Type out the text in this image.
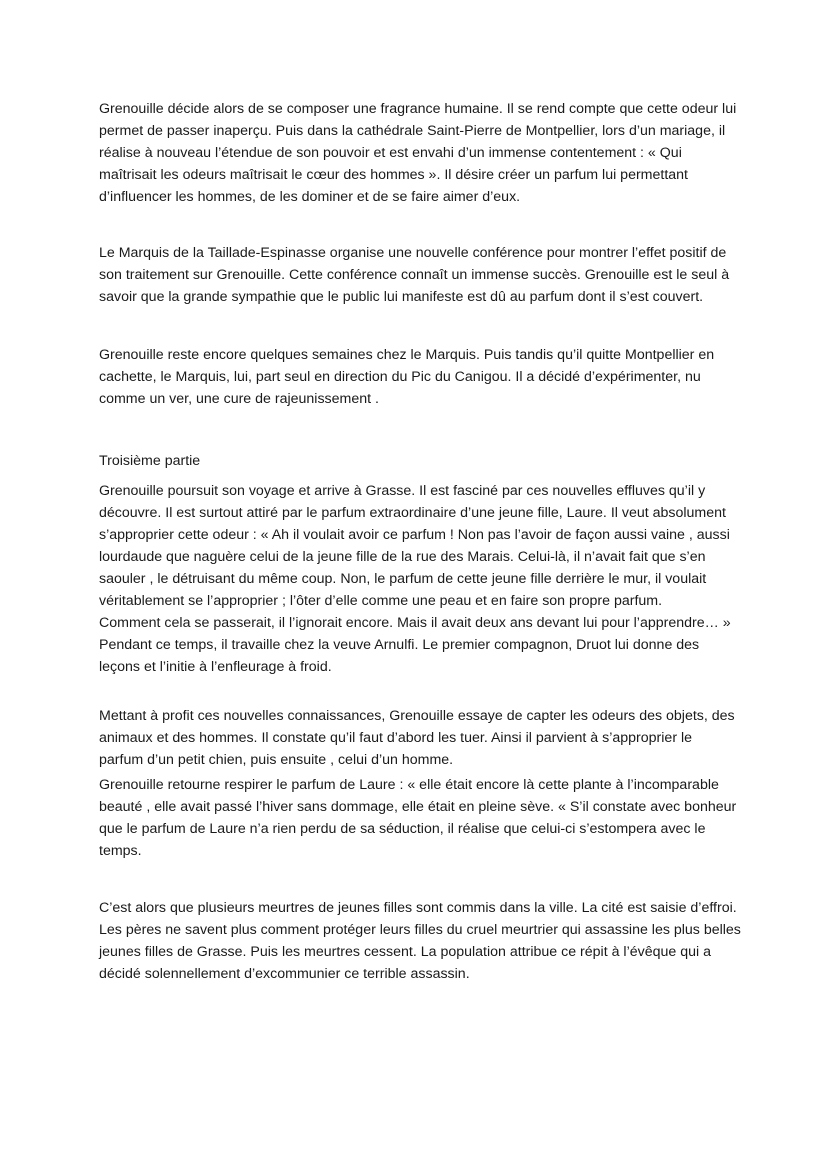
Grenouille décide alors de se composer une fragrance humaine. Il se rend compte que cette odeur lui
permet de passer inaperçu. Puis dans la cathédrale Saint-Pierre de Montpellier, lors d’un mariage, il
réalise à nouveau l’étendue de son pouvoir et est envahi d’un immense contentement : « Qui
maîtrisait les odeurs maîtrisait le cœur des hommes ». Il désire créer un parfum lui permettant
d’influencer les hommes, de les dominer et de se faire aimer d’eux.

Le Marquis de la Taillade-Espinasse organise une nouvelle conférence pour montrer l’effet positif de
son traitement sur Grenouille. Cette conférence connaît un immense succès. Grenouille est le seul à
savoir que la grande sympathie que le public lui manifeste est dû au parfum dont il s’est couvert.

Grenouille reste encore quelques semaines chez le Marquis. Puis tandis qu’il quitte Montpellier en
cachette, le Marquis, lui, part seul en direction du Pic du Canigou. Il a décidé d’expérimenter, nu
comme un ver, une cure de rajeunissement .

Troisième partie

Grenouille poursuit son voyage et arrive à Grasse. Il est fasciné par ces nouvelles effluves qu’il y
découvre. Il est surtout attiré par le parfum extraordinaire d’une jeune fille, Laure. Il veut absolument
s’approprier cette odeur : « Ah il voulait avoir ce parfum ! Non pas l’avoir de façon aussi vaine , aussi
lourdaude que naguère celui de la jeune fille de la rue des Marais. Celui-là, il n’avait fait que s’en
saouler , le détruisant du même coup. Non, le parfum de cette jeune fille derrière le mur, il voulait
véritablement se l’approprier ; l’ôter d’elle comme une peau et en faire son propre parfum.
Comment cela se passerait, il l’ignorait encore. Mais il avait deux ans devant lui pour l’apprendre… »
Pendant ce temps, il travaille chez la veuve Arnulfi. Le premier compagnon, Druot lui donne des
leçons et l’initie à l’enfleurage à froid.

Mettant à profit ces nouvelles connaissances, Grenouille essaye de capter les odeurs des objets, des
animaux et des hommes. Il constate qu’il faut d’abord les tuer. Ainsi il parvient à s’approprier le
parfum d’un petit chien, puis ensuite , celui d’un homme.

Grenouille retourne respirer le parfum de Laure : « elle était encore là cette plante à l’incomparable
beauté , elle avait passé l’hiver sans dommage, elle était en pleine sève. « S’il constate avec bonheur
que le parfum de Laure n’a rien perdu de sa séduction, il réalise que celui-ci s’estompera avec le
temps.

C’est alors que plusieurs meurtres de jeunes filles sont commis dans la ville. La cité est saisie d’effroi.
Les pères ne savent plus comment protéger leurs filles du cruel meurtrier qui assassine les plus belles
jeunes filles de Grasse. Puis les meurtres cessent. La population attribue ce répit à l’évêque qui a
décidé solennellement d’excommunier ce terrible assassin.
